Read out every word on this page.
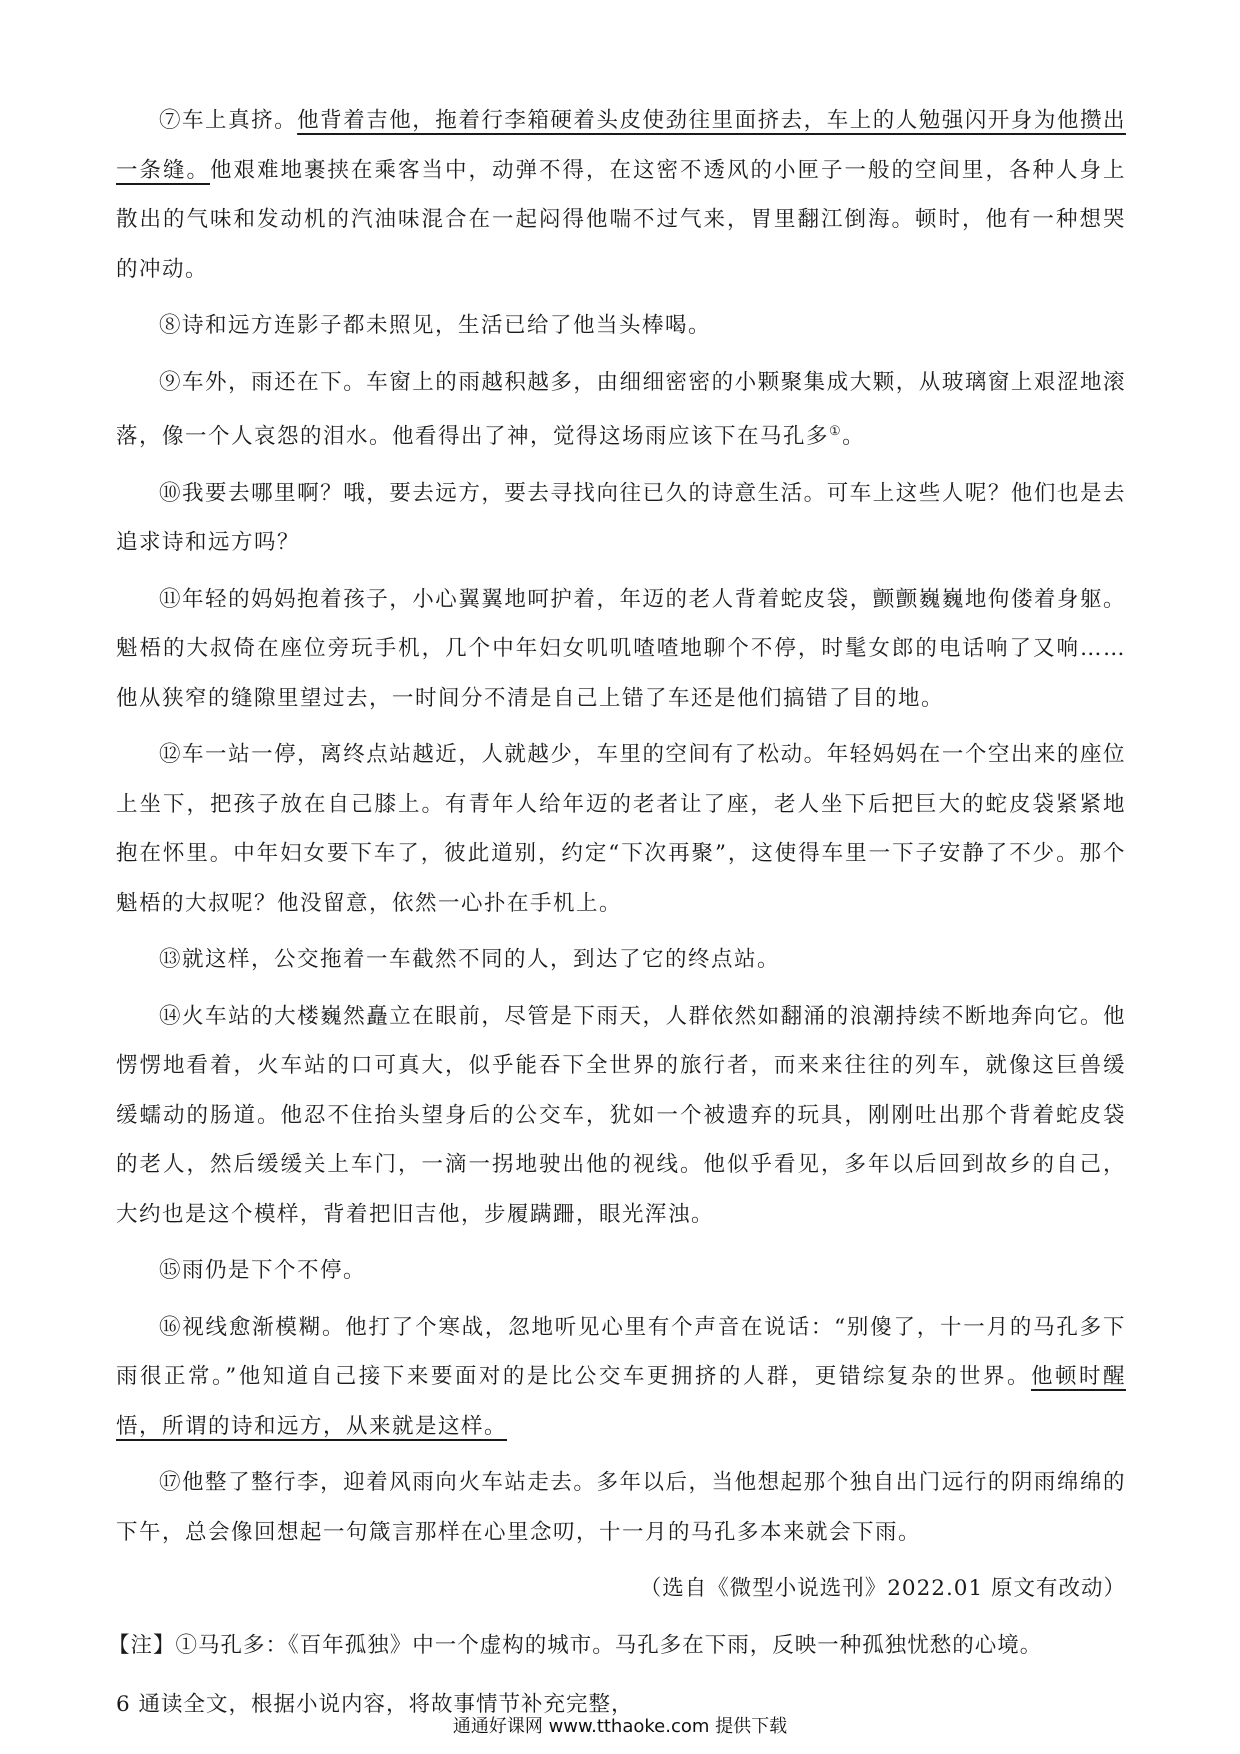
⑦车上真挤。他背着吉他，拖着行李箱硬着头皮使劲往里面挤去，车上的人勉强闪开身为他攒出一条缝。他艰难地裹挟在乘客当中，动弹不得，在这密不透风的小匣子一般的空间里，各种人身上散出的气味和发动机的汽油味混合在一起闷得他喘不过气来，胃里翻江倒海。顿时，他有一种想哭的冲动。
⑧诗和远方连影子都未照见，生活已给了他当头棒喝。
⑨车外，雨还在下。车窗上的雨越积越多，由细细密密的小颗聚集成大颗，从玻璃窗上艰涩地滚落，像一个人哀怨的泪水。他看得出了神，觉得这场雨应该下在马孔多①。
⑩我要去哪里啊？哦，要去远方，要去寻找向往已久的诗意生活。可车上这些人呢？他们也是去追求诗和远方吗？
⑪年轻的妈妈抱着孩子，小心翼翼地呵护着，年迈的老人背着蛇皮袋，颤颤巍巍地佝偻着身躯。魁梧的大叔倚在座位旁玩手机，几个中年妇女叽叽喳喳地聊个不停，时髦女郎的电话响了又响……他从狭窄的缝隙里望过去，一时间分不清是自己上错了车还是他们搞错了目的地。
⑫车一站一停，离终点站越近，人就越少，车里的空间有了松动。年轻妈妈在一个空出来的座位上坐下，把孩子放在自己膝上。有青年人给年迈的老者让了座，老人坐下后把巨大的蛇皮袋紧紧地抱在怀里。中年妇女要下车了，彼此道别，约定“下次再聚”，这使得车里一下子安静了不少。那个魁梧的大叔呢？他没留意，依然一心扑在手机上。
⑬就这样，公交拖着一车截然不同的人，到达了它的终点站。
⑭火车站的大楼巍然矗立在眼前，尽管是下雨天，人群依然如翻涌的浪潮持续不断地奔向它。他愣愣地看着，火车站的口可真大，似乎能吞下全世界的旅行者，而来来往往的列车，就像这巨兽缓缓蠕动的肠道。他忍不住抬头望身后的公交车，犹如一个被遗弃的玩具，刚刚吐出那个背着蛇皮袋的老人，然后缓缓关上车门，一滴一拐地驶出他的视线。他似乎看见，多年以后回到故乡的自己，大约也是这个模样，背着把旧吉他，步履蹒跚，眼光浑浊。
⑮雨仍是下个不停。
⑯视线愈渐模糊。他打了个寒战，忽地听见心里有个声音在说话：“别傻了，十一月的马孔多下雨很正常。”他知道自己接下来要面对的是比公交车更拥挤的人群，更错综复杂的世界。他顿时醒悟，所谓的诗和远方，从来就是这样。
⑰他整了整行李，迎着风雨向火车站走去。多年以后，当他想起那个独自出门远行的阴雨绵绵的下午，总会像回想起一句箴言那样在心里念叨，十一月的马孔多本来就会下雨。
（选自《微型小说选刊》2022.01 原文有改动）
【注】①马孔多：《百年孤独》中一个虚构的城市。马孔多在下雨，反映一种孤独忧愁的心境。
6 通读全文，根据小说内容，将故事情节补充完整，
通通好课网 www.tthaoke.com 提供下载
